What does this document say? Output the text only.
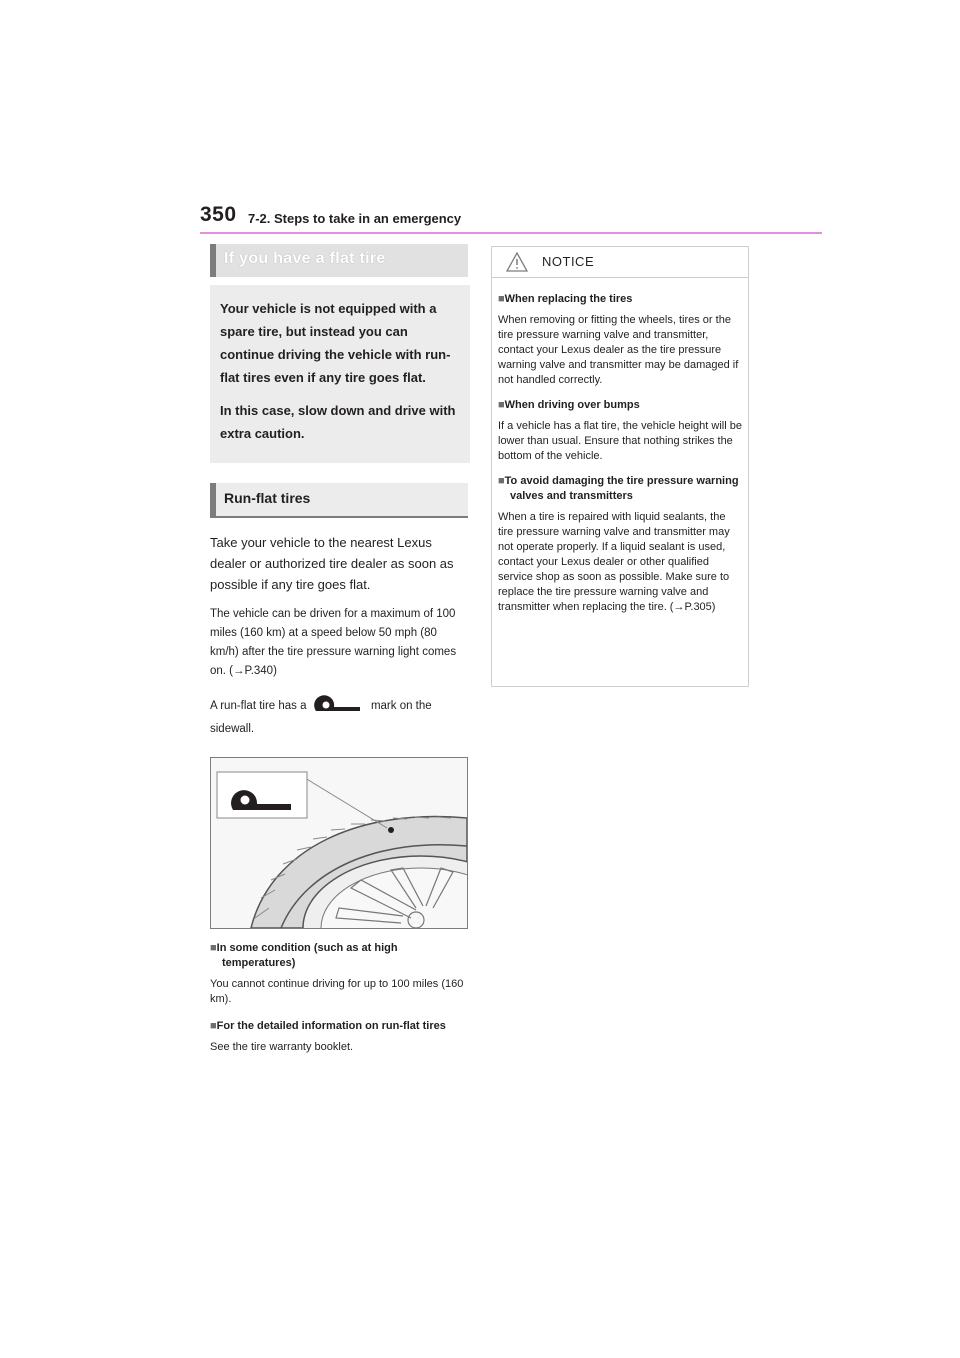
350 7-2. Steps to take in an emergency
If you have a flat tire

Your vehicle is not equipped with a spare tire, but instead you can continue driving the vehicle with run-flat tires even if any tire goes flat.

In this case, slow down and drive with extra caution.

Run-flat tires

Take your vehicle to the nearest Lexus dealer or authorized tire dealer as soon as possible if any tire goes flat.

The vehicle can be driven for a maximum of 100 miles (160 km) at a speed below 50 mph (80 km/h) after the tire pressure warning light comes on. (→P.340)

A run-flat tire has a	mark on the sidewall.

■In some condition (such as at high temperatures)

You cannot continue driving for up to 100 miles (160 km).

■For the detailed information on run-flat tires

See the tire warranty booklet.

NOTICE

■When replacing the tires

When removing or fitting the wheels, tires or the tire pressure warning valve and transmitter, contact your Lexus dealer as the tire pressure warning valve and transmitter may be damaged if not handled correctly.

■When driving over bumps

If a vehicle has a flat tire, the vehicle height will be lower than usual. Ensure that nothing strikes the bottom of the vehicle.

■To avoid damaging the tire pressure warning valves and transmitters

When a tire is repaired with liquid sealants, the tire pressure warning valve and transmitter may not operate properly. If a liquid sealant is used, contact your Lexus dealer or other qualified service shop as soon as possible. Make sure to replace the tire pressure warning valve and transmitter when replacing the tire. (→P.305)
